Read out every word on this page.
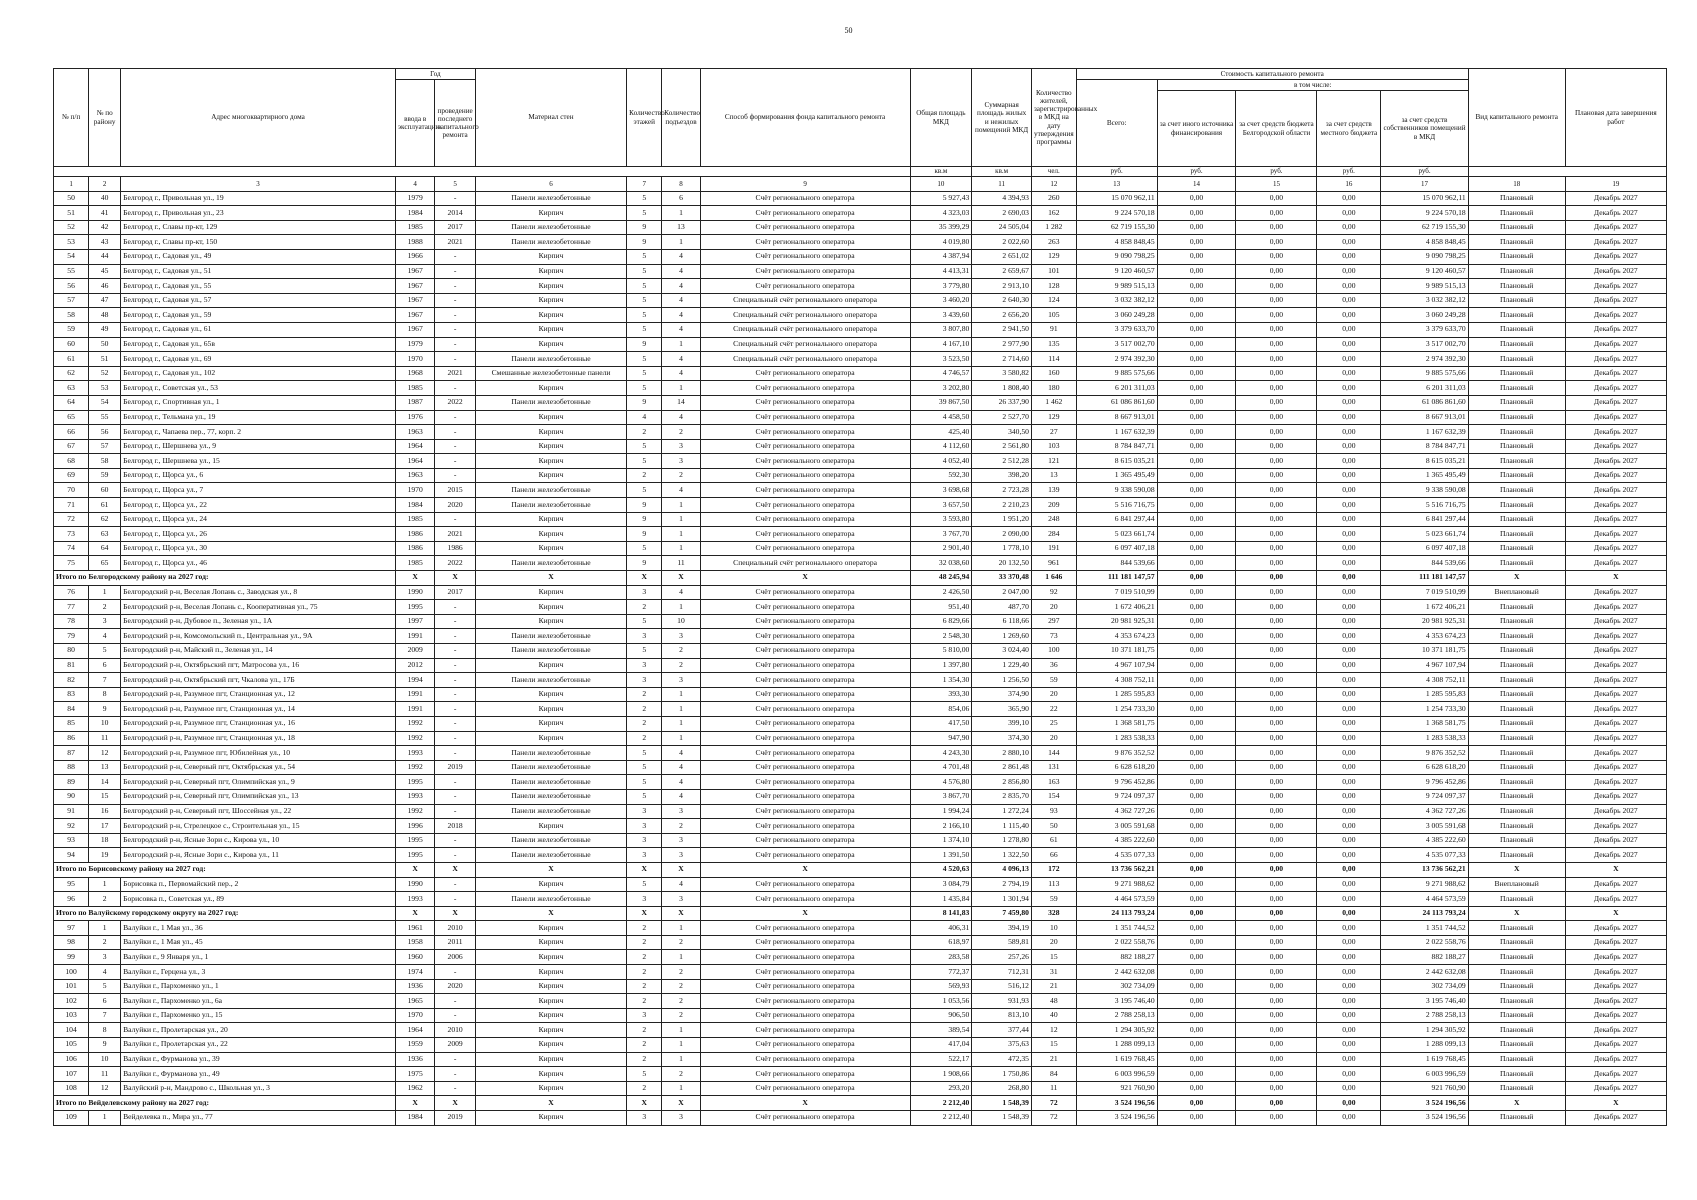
50
№ п/п	№ по району	Адрес многоквартирного дома	Год		Материал стен	Количество этажей	Количество подъездов	Способ формирования фонда капитального ремонта	Общая площадь МКД	Суммарная площадь жилых и нежилых помещений МКД	Количество жителей, зарегистрированных в МКД на дату утверждения программы	Стоимость капитального ремонта					Вид капитального ремонта	Плановая дата завершения работ
			ввода в эксплуатацию	проведение последнего капитального ремонта								Всего:	в том числе:					
													за счет иного источника финансирования	за счет средств бюджета Белгородской области	за счет средств местного бюджета	за счет средств собственников помещений в МКД		
									кв.м	кв.м	чел.	руб.	руб.	руб.	руб.	руб.		
1	2	3	4	5	6	7	8	9	10	11	12	13	14	15	16	17	18	19
50	40	Белгород г., Привольная ул., 19	1979	-	Панели железобетонные	5	6	Счёт регионального оператора	5 927,43	4 394,93	260	15 070 962,11	0,00	0,00	0,00	15 070 962,11	Плановый	Декабрь 2027
51	41	Белгород г., Привольная ул., 23	1984	2014	Кирпич	5	1	Счёт регионального оператора	4 323,03	2 690,03	162	9 224 570,18	0,00	0,00	0,00	9 224 570,18	Плановый	Декабрь 2027
52	42	Белгород г., Славы пр-кт, 129	1985	2017	Панели железобетонные	9	13	Счёт регионального оператора	35 399,29	24 505,04	1 282	62 719 155,30	0,00	0,00	0,00	62 719 155,30	Плановый	Декабрь 2027
53	43	Белгород г., Славы пр-кт, 150	1988	2021	Панели железобетонные	9	1	Счёт регионального оператора	4 019,80	2 022,60	263	4 858 848,45	0,00	0,00	0,00	4 858 848,45	Плановый	Декабрь 2027
54	44	Белгород г., Садовая ул., 49	1966	-	Кирпич	5	4	Счёт регионального оператора	4 387,94	2 651,02	129	9 090 798,25	0,00	0,00	0,00	9 090 798,25	Плановый	Декабрь 2027
55	45	Белгород г., Садовая ул., 51	1967	-	Кирпич	5	4	Счёт регионального оператора	4 413,31	2 659,67	101	9 120 460,57	0,00	0,00	0,00	9 120 460,57	Плановый	Декабрь 2027
56	46	Белгород г., Садовая ул., 55	1967	-	Кирпич	5	4	Счёт регионального оператора	3 779,80	2 913,10	128	9 989 515,13	0,00	0,00	0,00	9 989 515,13	Плановый	Декабрь 2027
57	47	Белгород г., Садовая ул., 57	1967	-	Кирпич	5	4	Специальный счёт регионального оператора	3 460,20	2 640,30	124	3 032 382,12	0,00	0,00	0,00	3 032 382,12	Плановый	Декабрь 2027
58	48	Белгород г., Садовая ул., 59	1967	-	Кирпич	5	4	Специальный счёт регионального оператора	3 439,60	2 656,20	105	3 060 249,28	0,00	0,00	0,00	3 060 249,28	Плановый	Декабрь 2027
59	49	Белгород г., Садовая ул., 61	1967	-	Кирпич	5	4	Специальный счёт регионального оператора	3 807,80	2 941,50	91	3 379 633,70	0,00	0,00	0,00	3 379 633,70	Плановый	Декабрь 2027
60	50	Белгород г., Садовая ул., 65в	1979	-	Кирпич	9	1	Специальный счёт регионального оператора	4 167,10	2 977,90	135	3 517 002,70	0,00	0,00	0,00	3 517 002,70	Плановый	Декабрь 2027
61	51	Белгород г., Садовая ул., 69	1970	-	Панели железобетонные	5	4	Специальный счёт регионального оператора	3 523,50	2 714,60	114	2 974 392,30	0,00	0,00	0,00	2 974 392,30	Плановый	Декабрь 2027
62	52	Белгород г., Садовая ул., 102	1968	2021	Смешанные железобетонные панели	5	4	Счёт регионального оператора	4 746,57	3 580,82	160	9 885 575,66	0,00	0,00	0,00	9 885 575,66	Плановый	Декабрь 2027
63	53	Белгород г., Советская ул., 53	1985	-	Кирпич	5	1	Счёт регионального оператора	3 202,80	1 808,40	180	6 201 311,03	0,00	0,00	0,00	6 201 311,03	Плановый	Декабрь 2027
64	54	Белгород г., Спортивная ул., 1	1987	2022	Панели железобетонные	9	14	Счёт регионального оператора	39 867,50	26 337,90	1 462	61 086 861,60	0,00	0,00	0,00	61 086 861,60	Плановый	Декабрь 2027
65	55	Белгород г., Тельмана ул., 19	1976	-	Кирпич	4	4	Счёт регионального оператора	4 458,50	2 527,70	129	8 667 913,01	0,00	0,00	0,00	8 667 913,01	Плановый	Декабрь 2027
66	56	Белгород г., Чапаева пер., 77, корп. 2	1963	-	Кирпич	2	2	Счёт регионального оператора	425,40	340,50	27	1 167 632,39	0,00	0,00	0,00	1 167 632,39	Плановый	Декабрь 2027
67	57	Белгород г., Шершнева ул., 9	1964	-	Кирпич	5	3	Счёт регионального оператора	4 112,60	2 561,80	103	8 784 847,71	0,00	0,00	0,00	8 784 847,71	Плановый	Декабрь 2027
68	58	Белгород г., Шершнева ул., 15	1964	-	Кирпич	5	3	Счёт регионального оператора	4 052,40	2 512,28	121	8 615 035,21	0,00	0,00	0,00	8 615 035,21	Плановый	Декабрь 2027
69	59	Белгород г., Щорса ул., 6	1963	-	Кирпич	2	2	Счёт регионального оператора	592,30	398,20	13	1 365 495,49	0,00	0,00	0,00	1 365 495,49	Плановый	Декабрь 2027
70	60	Белгород г., Щорса ул., 7	1970	2015	Панели железобетонные	5	4	Счёт регионального оператора	3 698,68	2 723,28	139	9 338 590,08	0,00	0,00	0,00	9 338 590,08	Плановый	Декабрь 2027
71	61	Белгород г., Щорса ул., 22	1984	2020	Панели железобетонные	9	1	Счёт регионального оператора	3 657,50	2 210,23	209	5 516 716,75	0,00	0,00	0,00	5 516 716,75	Плановый	Декабрь 2027
72	62	Белгород г., Щорса ул., 24	1985	-	Кирпич	9	1	Счёт регионального оператора	3 593,80	1 951,20	248	6 841 297,44	0,00	0,00	0,00	6 841 297,44	Плановый	Декабрь 2027
73	63	Белгород г., Щорса ул., 26	1986	2021	Кирпич	9	1	Счёт регионального оператора	3 767,70	2 090,00	284	5 023 661,74	0,00	0,00	0,00	5 023 661,74	Плановый	Декабрь 2027
74	64	Белгород г., Щорса ул., 30	1986	1986	Кирпич	5	1	Счёт регионального оператора	2 901,40	1 778,10	191	6 097 407,18	0,00	0,00	0,00	6 097 407,18	Плановый	Декабрь 2027
75	65	Белгород г., Щорса ул., 46	1985	2022	Панели железобетонные	9	11	Специальный счёт регионального оператора	32 038,60	20 132,50	961	844 539,66	0,00	0,00	0,00	844 539,66	Плановый	Декабрь 2027
Итого по Белгородскому району на 2027 год:			X	X	X	X	X	X	48 245,94	33 370,48	1 646	111 181 147,57	0,00	0,00	0,00	111 181 147,57	X	X
76	1	Белгородский р-н, Веселая Лопань с., Заводская ул., 8	1990	2017	Кирпич	3	4	Счёт регионального оператора	2 426,50	2 047,00	92	7 019 510,99	0,00	0,00	0,00	7 019 510,99	Внеплановый	Декабрь 2027
77	2	Белгородский р-н, Веселая Лопань с., Кооперативная ул., 75	1995	-	Кирпич	2	1	Счёт регионального оператора	951,40	487,70	20	1 672 406,21	0,00	0,00	0,00	1 672 406,21	Плановый	Декабрь 2027
78	3	Белгородский р-н, Дубовое п., Зеленая ул., 1А	1997	-	Кирпич	5	10	Счёт регионального оператора	6 829,66	6 118,66	297	20 981 925,31	0,00	0,00	0,00	20 981 925,31	Плановый	Декабрь 2027
79	4	Белгородский р-н, Комсомольский п., Центральная ул., 9А	1991	-	Панели железобетонные	3	3	Счёт регионального оператора	2 548,30	1 269,60	73	4 353 674,23	0,00	0,00	0,00	4 353 674,23	Плановый	Декабрь 2027
80	5	Белгородский р-н, Майский п., Зеленая ул., 14	2009	-	Панели железобетонные	5	2	Счёт регионального оператора	5 810,00	3 024,40	100	10 371 181,75	0,00	0,00	0,00	10 371 181,75	Плановый	Декабрь 2027
81	6	Белгородский р-н, Октябрьский пгт, Матросова ул., 16	2012	-	Кирпич	3	2	Счёт регионального оператора	1 397,80	1 229,40	36	4 967 107,94	0,00	0,00	0,00	4 967 107,94	Плановый	Декабрь 2027
82	7	Белгородский р-н, Октябрьский пгт, Чкалова ул., 17Б	1994	-	Панели железобетонные	3	3	Счёт регионального оператора	1 354,30	1 256,50	59	4 308 752,11	0,00	0,00	0,00	4 308 752,11	Плановый	Декабрь 2027
83	8	Белгородский р-н, Разумное пгт, Станционная ул., 12	1991	-	Кирпич	2	1	Счёт регионального оператора	393,30	374,90	20	1 285 595,83	0,00	0,00	0,00	1 285 595,83	Плановый	Декабрь 2027
84	9	Белгородский р-н, Разумное пгт, Станционная ул., 14	1991	-	Кирпич	2	1	Счёт регионального оператора	854,06	365,90	22	1 254 733,30	0,00	0,00	0,00	1 254 733,30	Плановый	Декабрь 2027
85	10	Белгородский р-н, Разумное пгт, Станционная ул., 16	1992	-	Кирпич	2	1	Счёт регионального оператора	417,50	399,10	25	1 368 581,75	0,00	0,00	0,00	1 368 581,75	Плановый	Декабрь 2027
86	11	Белгородский р-н, Разумное пгт, Станционная ул., 18	1992	-	Кирпич	2	1	Счёт регионального оператора	947,90	374,30	20	1 283 538,33	0,00	0,00	0,00	1 283 538,33	Плановый	Декабрь 2027
87	12	Белгородский р-н, Разумное пгт, Юбилейная ул., 10	1993	-	Панели железобетонные	5	4	Счёт регионального оператора	4 243,30	2 880,10	144	9 876 352,52	0,00	0,00	0,00	9 876 352,52	Плановый	Декабрь 2027
88	13	Белгородский р-н, Северный пгт, Октябрьская ул., 54	1992	2019	Панели железобетонные	5	4	Счёт регионального оператора	4 701,48	2 861,48	131	6 628 618,20	0,00	0,00	0,00	6 628 618,20	Плановый	Декабрь 2027
89	14	Белгородский р-н, Северный пгт, Олимпийская ул., 9	1995	-	Панели железобетонные	5	4	Счёт регионального оператора	4 576,80	2 856,80	163	9 796 452,86	0,00	0,00	0,00	9 796 452,86	Плановый	Декабрь 2027
90	15	Белгородский р-н, Северный пгт, Олимпийская ул., 13	1993	-	Панели железобетонные	5	4	Счёт регионального оператора	3 867,70	2 835,70	154	9 724 097,37	0,00	0,00	0,00	9 724 097,37	Плановый	Декабрь 2027
91	16	Белгородский р-н, Северный пгт, Шоссейная ул., 22	1992	-	Панели железобетонные	3	3	Счёт регионального оператора	1 994,24	1 272,24	93	4 362 727,26	0,00	0,00	0,00	4 362 727,26	Плановый	Декабрь 2027
92	17	Белгородский р-н, Стрелецкое с., Строительная ул., 15	1996	2018	Кирпич	3	2	Счёт регионального оператора	2 166,10	1 115,40	50	3 005 591,68	0,00	0,00	0,00	3 005 591,68	Плановый	Декабрь 2027
93	18	Белгородский р-н, Ясные Зори с., Кирова ул., 10	1995	-	Панели железобетонные	3	3	Счёт регионального оператора	1 374,10	1 278,80	61	4 385 222,60	0,00	0,00	0,00	4 385 222,60	Плановый	Декабрь 2027
94	19	Белгородский р-н, Ясные Зори с., Кирова ул., 11	1995	-	Панели железобетонные	3	3	Счёт регионального оператора	1 391,50	1 322,50	66	4 535 077,33	0,00	0,00	0,00	4 535 077,33	Плановый	Декабрь 2027
Итого по Борисовскому району на 2027 год:			X	X	X	X	X	X	4 520,63	4 096,13	172	13 736 562,21	0,00	0,00	0,00	13 736 562,21	X	X
95	1	Борисовка п., Первомайский пер., 2	1990	-	Кирпич	5	4	Счёт регионального оператора	3 084,79	2 794,19	113	9 271 988,62	0,00	0,00	0,00	9 271 988,62	Внеплановый	Декабрь 2027
96	2	Борисовка п., Советская ул., 89	1993	-	Панели железобетонные	3	3	Счёт регионального оператора	1 435,84	1 301,94	59	4 464 573,59	0,00	0,00	0,00	4 464 573,59	Плановый	Декабрь 2027
Итого по Валуйскому городскому округу на 2027 год:			X	X	X	X	X	X	8 141,83	7 459,80	328	24 113 793,24	0,00	0,00	0,00	24 113 793,24	X	X
97	1	Валуйки г., 1 Мая ул., 36	1961	2010	Кирпич	2	1	Счёт регионального оператора	406,31	394,19	10	1 351 744,52	0,00	0,00	0,00	1 351 744,52	Плановый	Декабрь 2027
98	2	Валуйки г., 1 Мая ул., 45	1958	2011	Кирпич	2	2	Счёт регионального оператора	618,97	589,81	20	2 022 558,76	0,00	0,00	0,00	2 022 558,76	Плановый	Декабрь 2027
99	3	Валуйки г., 9 Января ул., 1	1960	2006	Кирпич	2	1	Счёт регионального оператора	283,58	257,26	15	882 188,27	0,00	0,00	0,00	882 188,27	Плановый	Декабрь 2027
100	4	Валуйки г., Герцена ул., 3	1974	-	Кирпич	2	2	Счёт регионального оператора	772,37	712,31	31	2 442 632,08	0,00	0,00	0,00	2 442 632,08	Плановый	Декабрь 2027
101	5	Валуйки г., Пархоменко ул., 1	1936	2020	Кирпич	2	2	Счёт регионального оператора	569,93	516,12	21	302 734,09	0,00	0,00	0,00	302 734,09	Плановый	Декабрь 2027
102	6	Валуйки г., Пархоменко ул., 6а	1965	-	Кирпич	2	2	Счёт регионального оператора	1 053,56	931,93	48	3 195 746,40	0,00	0,00	0,00	3 195 746,40	Плановый	Декабрь 2027
103	7	Валуйки г., Пархоменко ул., 15	1970	-	Кирпич	3	2	Счёт регионального оператора	906,50	813,10	40	2 788 258,13	0,00	0,00	0,00	2 788 258,13	Плановый	Декабрь 2027
104	8	Валуйки г., Пролетарская ул., 20	1964	2010	Кирпич	2	1	Счёт регионального оператора	389,54	377,44	12	1 294 305,92	0,00	0,00	0,00	1 294 305,92	Плановый	Декабрь 2027
105	9	Валуйки г., Пролетарская ул., 22	1959	2009	Кирпич	2	1	Счёт регионального оператора	417,04	375,63	15	1 288 099,13	0,00	0,00	0,00	1 288 099,13	Плановый	Декабрь 2027
106	10	Валуйки г., Фурманова ул., 39	1936	-	Кирпич	2	1	Счёт регионального оператора	522,17	472,35	21	1 619 768,45	0,00	0,00	0,00	1 619 768,45	Плановый	Декабрь 2027
107	11	Валуйки г., Фурманова ул., 49	1975	-	Кирпич	5	2	Счёт регионального оператора	1 908,66	1 750,86	84	6 003 996,59	0,00	0,00	0,00	6 003 996,59	Плановый	Декабрь 2027
108	12	Валуйский р-н, Мандрово с., Школьная ул., 3	1962	-	Кирпич	2	1	Счёт регионального оператора	293,20	268,80	11	921 760,90	0,00	0,00	0,00	921 760,90	Плановый	Декабрь 2027
Итого по Вейделевскому району на 2027 год:			X	X	X	X	X	X	2 212,40	1 548,39	72	3 524 196,56	0,00	0,00	0,00	3 524 196,56	X	X
109	1	Вейделевка п., Мира ул., 77	1984	2019	Кирпич	3	3	Счёт регионального оператора	2 212,40	1 548,39	72	3 524 196,56	0,00	0,00	0,00	3 524 196,56	Плановый	Декабрь 2027
